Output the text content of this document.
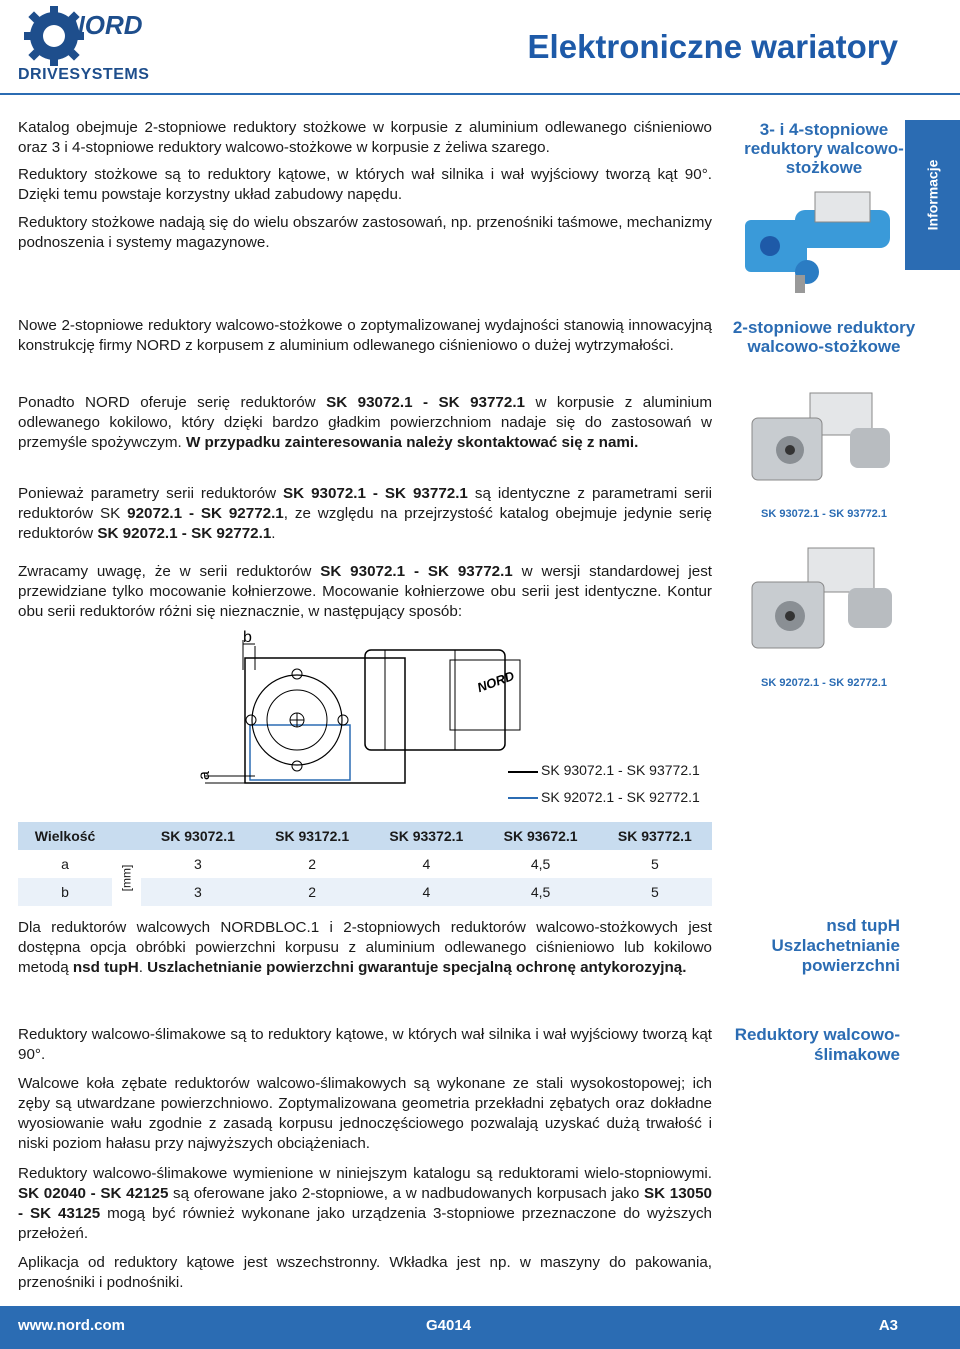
NORD
DRIVESYSTEMS
Elektroniczne wariatory
Informacje
Katalog obejmuje 2-stopniowe reduktory stożkowe w korpusie z aluminium odlewanego ciśnieniowo oraz 3 i 4-stopniowe reduktory walcowo-stożkowe w korpusie z żeliwa szarego.
Reduktory stożkowe są to reduktory kątowe, w których wał silnika i wał wyjściowy tworzą kąt 90°. Dzięki temu powstaje korzystny układ zabudowy napędu.
Reduktory stożkowe nadają się do wielu obszarów zastosowań, np. przenośniki taśmowe, mechanizmy podnoszenia i systemy magazynowe.
3- i 4-stopniowe reduktory walcowo-stożkowe
Nowe 2-stopniowe reduktory walcowo-stożkowe o zoptymalizowanej wydajności stanowią innowacyjną konstrukcję firmy NORD z korpusem z aluminium odlewanego ciśnieniowo o dużej wytrzymałości.
2-stopniowe reduktory walcowo-stożkowe
Ponadto NORD oferuje serię reduktorów SK 93072.1 - SK 93772.1 w korpusie z aluminium odlewanego kokilowo, który dzięki bardzo gładkim powierzchniom nadaje się do zastosowań w przemyśle spożywczym. W przypadku zainteresowania należy skontaktować się z nami.
SK 93072.1 - SK 93772.1
Ponieważ parametry serii reduktorów SK 93072.1 - SK 93772.1 są identyczne z parametrami serii reduktorów SK 92072.1 - SK 92772.1, ze względu na przejrzystość katalog obejmuje jedynie serię reduktorów SK 92072.1 - SK 92772.1.
Zwracamy uwagę, że w serii reduktorów SK 93072.1 - SK 93772.1 w wersji standardowej jest przewidziane tylko mocowanie kołnierzowe. Mocowanie kołnierzowe obu serii jest identyczne. Kontur obu serii reduktorów różni się nieznacznie, w następujący sposób:
SK 92072.1 - SK 92772.1
NORD
b
a	SK 93072.1 - SK 93772.1
SK 92072.1 - SK 92772.1
Wielkość		SK 93072.1	SK 93172.1	SK 93372.1	SK 93672.1	SK 93772.1
a	[mm]	3	2	4	4,5	5
b		3	2	4	4,5	5
Dla reduktorów walcowych NORDBLOC.1 i 2-stopniowych reduktorów walcowo-stożkowych jest dostępna opcja obróbki powierzchni korpusu z aluminium odlewanego ciśnieniowo lub kokilowo metodą nsd tupH. Uszlachetnianie powierzchni gwarantuje specjalną ochronę antykorozyjną.
nsd tupH Uszlachetnianie powierzchni
Reduktory walcowo-ślimakowe są to reduktory kątowe, w których wał silnika i wał wyjściowy tworzą kąt 90°.
Reduktory walcowo-ślimakowe
Walcowe koła zębate reduktorów walcowo-ślimakowych są wykonane ze stali wysokostopowej; ich zęby są utwardzane powierzchniowo. Zoptymalizowana geometria przekładni zębatych oraz dokładne wyosiowanie wału zgodnie z zasadą korpusu jednoczęściowego pozwalają uzyskać dużą trwałość i niski poziom hałasu przy najwyższych obciążeniach.
Reduktory walcowo-ślimakowe wymienione w niniejszym katalogu są reduktorami wielo-stopniowymi. SK 02040 - SK 42125 są oferowane jako 2-stopniowe, a w nadbudowanych korpusach jako SK 13050 - SK 43125 mogą być również wykonane jako urządzenia 3-stopniowe przeznaczone do wyższych przełożeń.
Aplikacja od reduktory kątowe jest wszechstronny. Wkładka jest np. w maszyny do pakowania, przenośniki i podnośniki.
www.nord.com	G4014	A3
